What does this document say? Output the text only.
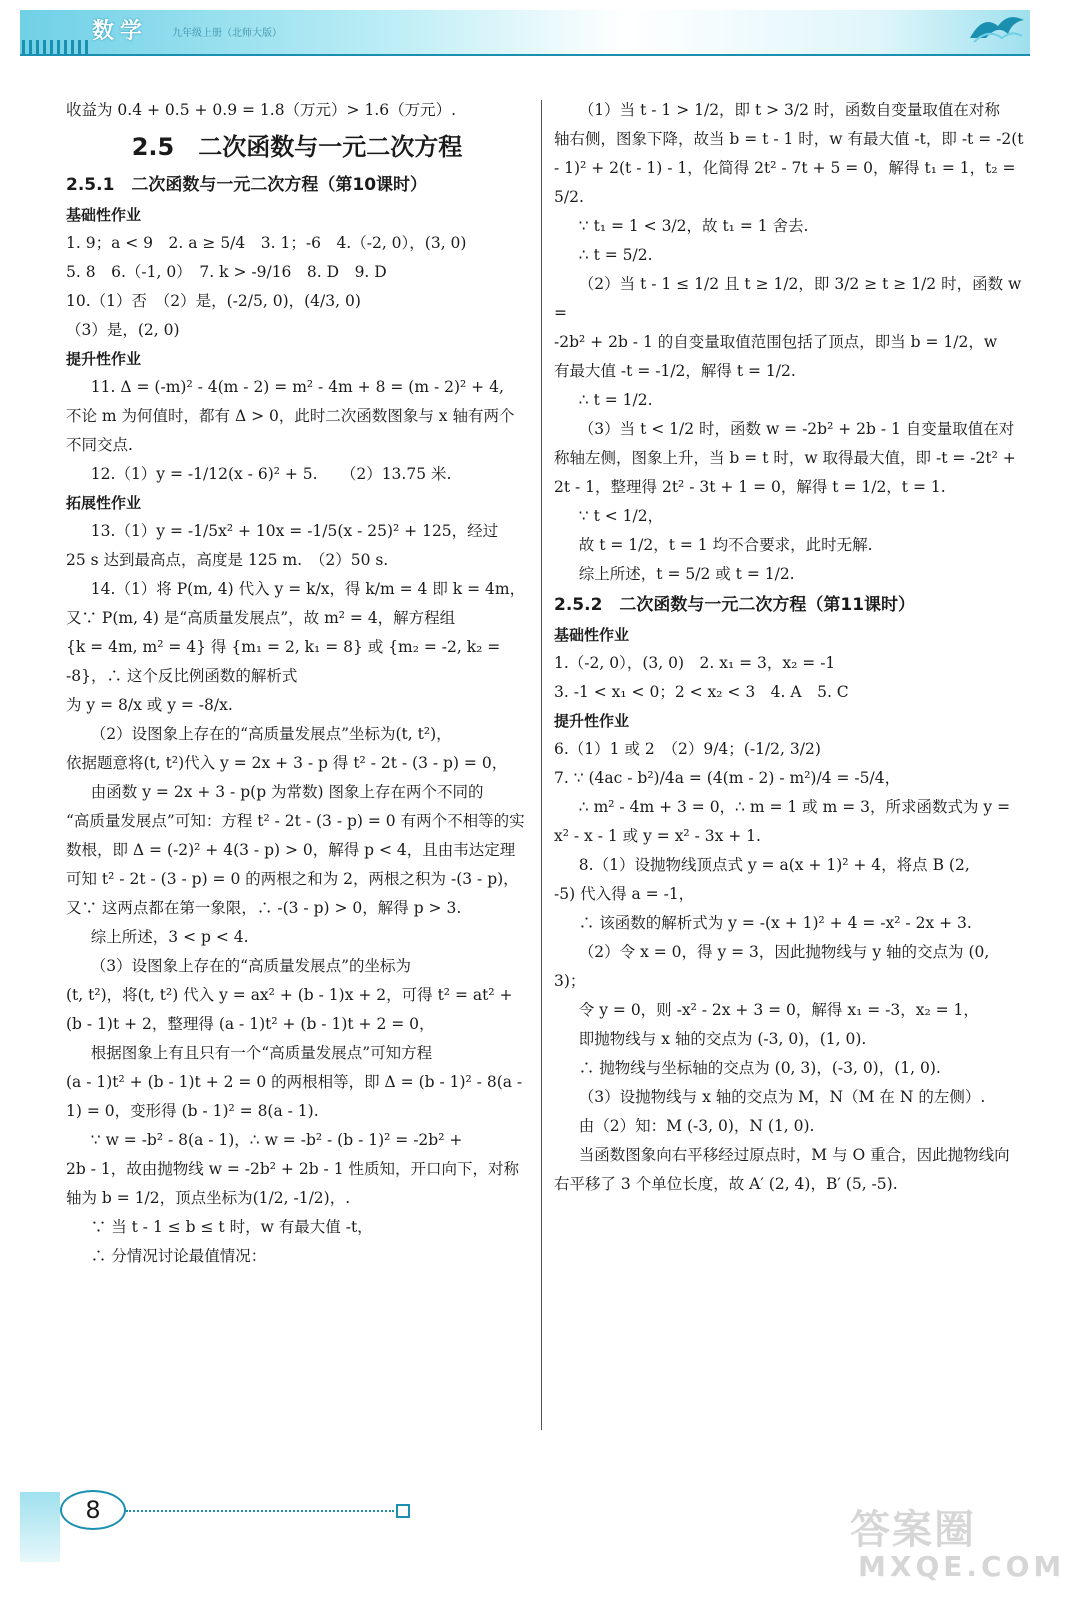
数学 九年级上册（北师大版）

收益为 0.4 + 0.5 + 0.9 = 1.8（万元）> 1.6（万元）.

2.5　二次函数与一元二次方程
2.5.1　二次函数与一元二次方程（第10课时）

基础性作业

1. 9；a < 9　2. a ≥ 5/4　3. 1；-6　4.（-2, 0），(3, 0)

5. 8　6.（-1, 0）　7. k > -9/16　8. D　9. D

10.（1）否　（2）是，(-2/5, 0)，(4/3, 0)

（3）是，(2, 0)

提升性作业

11. Δ = (-m)² - 4(m - 2) = m² - 4m + 8 = (m - 2)² + 4,

不论 m 为何值时，都有 Δ > 0，此时二次函数图象与 x 轴有两个不同交点.

12.（1）y = -1/12(x - 6)² + 5.　　（2）13.75 米.

拓展性作业

13.（1）y = -1/5x² + 10x = -1/5(x - 25)² + 125，经过

25 s 达到最高点，高度是 125 m.　（2）50 s.

14.（1）将 P(m, 4) 代入 y = k/x，得 k/m = 4 即 k = 4m，

又∵ P(m, 4) 是“高质量发展点”，故 m² = 4，解方程组

{k = 4m, m² = 4} 得 {m₁ = 2, k₁ = 8} 或 {m₂ = -2, k₂ = -8}，∴ 这个反比例函数的解析式

为 y = 8/x 或 y = -8/x.

（2）设图象上存在的“高质量发展点”坐标为(t, t²)，

依据题意将(t, t²)代入 y = 2x + 3 - p 得 t² - 2t - (3 - p) = 0，

由函数 y = 2x + 3 - p(p 为常数) 图象上存在两个不同的

“高质量发展点”可知：方程 t² - 2t - (3 - p) = 0 有两个不相等的实数根，即 Δ = (-2)² + 4(3 - p) > 0，解得 p < 4，且由韦达定理可知 t² - 2t - (3 - p) = 0 的两根之和为 2，两根之积为 -(3 - p)，又∵ 这两点都在第一象限，∴ -(3 - p) > 0，解得 p > 3.

综上所述，3 < p < 4.

（3）设图象上存在的“高质量发展点”的坐标为

(t, t²)，将(t, t²) 代入 y = ax² + (b - 1)x + 2，可得 t² = at² + (b - 1)t + 2，整理得 (a - 1)t² + (b - 1)t + 2 = 0，

根据图象上有且只有一个“高质量发展点”可知方程

(a - 1)t² + (b - 1)t + 2 = 0 的两根相等，即 Δ = (b - 1)² - 8(a - 1) = 0，变形得 (b - 1)² = 8(a - 1).

∵ w = -b² - 8(a - 1)，∴ w = -b² - (b - 1)² = -2b² +

2b - 1，故由抛物线 w = -2b² + 2b - 1 性质知，开口向下，对称轴为 b = 1/2，顶点坐标为(1/2, -1/2)，.

∵ 当 t - 1 ≤ b ≤ t 时，w 有最大值 -t，

∴ 分情况讨论最值情况：

（1）当 t - 1 > 1/2，即 t > 3/2 时，函数自变量取值在对称

轴右侧，图象下降，故当 b = t - 1 时，w 有最大值 -t，即 -t = -2(t - 1)² + 2(t - 1) - 1，化简得 2t² - 7t + 5 = 0，解得 t₁ = 1，t₂ = 5/2.

∵ t₁ = 1 < 3/2，故 t₁ = 1 舍去.

∴ t = 5/2.

（2）当 t - 1 ≤ 1/2 且 t ≥ 1/2，即 3/2 ≥ t ≥ 1/2 时，函数 w =

-2b² + 2b - 1 的自变量取值范围包括了顶点，即当 b = 1/2，w

有最大值 -t = -1/2，解得 t = 1/2.

∴ t = 1/2.

（3）当 t < 1/2 时，函数 w = -2b² + 2b - 1 自变量取值在对

称轴左侧，图象上升，当 b = t 时，w 取得最大值，即 -t = -2t² + 2t - 1，整理得 2t² - 3t + 1 = 0，解得 t = 1/2，t = 1.

∵ t < 1/2，

故 t = 1/2，t = 1 均不合要求，此时无解.

综上所述，t = 5/2 或 t = 1/2.

2.5.2　二次函数与一元二次方程（第11课时）

基础性作业

1.（-2, 0），(3, 0)　2. x₁ = 3，x₂ = -1

3. -1 < x₁ < 0；2 < x₂ < 3　4. A　5. C

提升性作业

6.（1）1 或 2　（2）9/4；(-1/2, 3/2)

7. ∵ (4ac - b²)/4a = (4(m - 2) - m²)/4 = -5/4，

∴ m² - 4m + 3 = 0，∴ m = 1 或 m = 3，所求函数式为 y =

x² - x - 1 或 y = x² - 3x + 1.

8.（1）设抛物线顶点式 y = a(x + 1)² + 4，将点 B (2,

-5) 代入得 a = -1，

∴ 该函数的解析式为 y = -(x + 1)² + 4 = -x² - 2x + 3.

（2）令 x = 0，得 y = 3，因此抛物线与 y 轴的交点为 (0, 3)；

令 y = 0，则 -x² - 2x + 3 = 0，解得 x₁ = -3，x₂ = 1，

即抛物线与 x 轴的交点为 (-3, 0)，(1, 0).

∴ 抛物线与坐标轴的交点为 (0, 3)，(-3, 0)，(1, 0).

（3）设抛物线与 x 轴的交点为 M，N（M 在 N 的左侧）.

由（2）知：M (-3, 0)，N (1, 0).

当函数图象向右平移经过原点时，M 与 O 重合，因此抛物线向右平移了 3 个单位长度，故 A′ (2, 4)，B′ (5, -5).

8	答案圈
MXQE.COM
